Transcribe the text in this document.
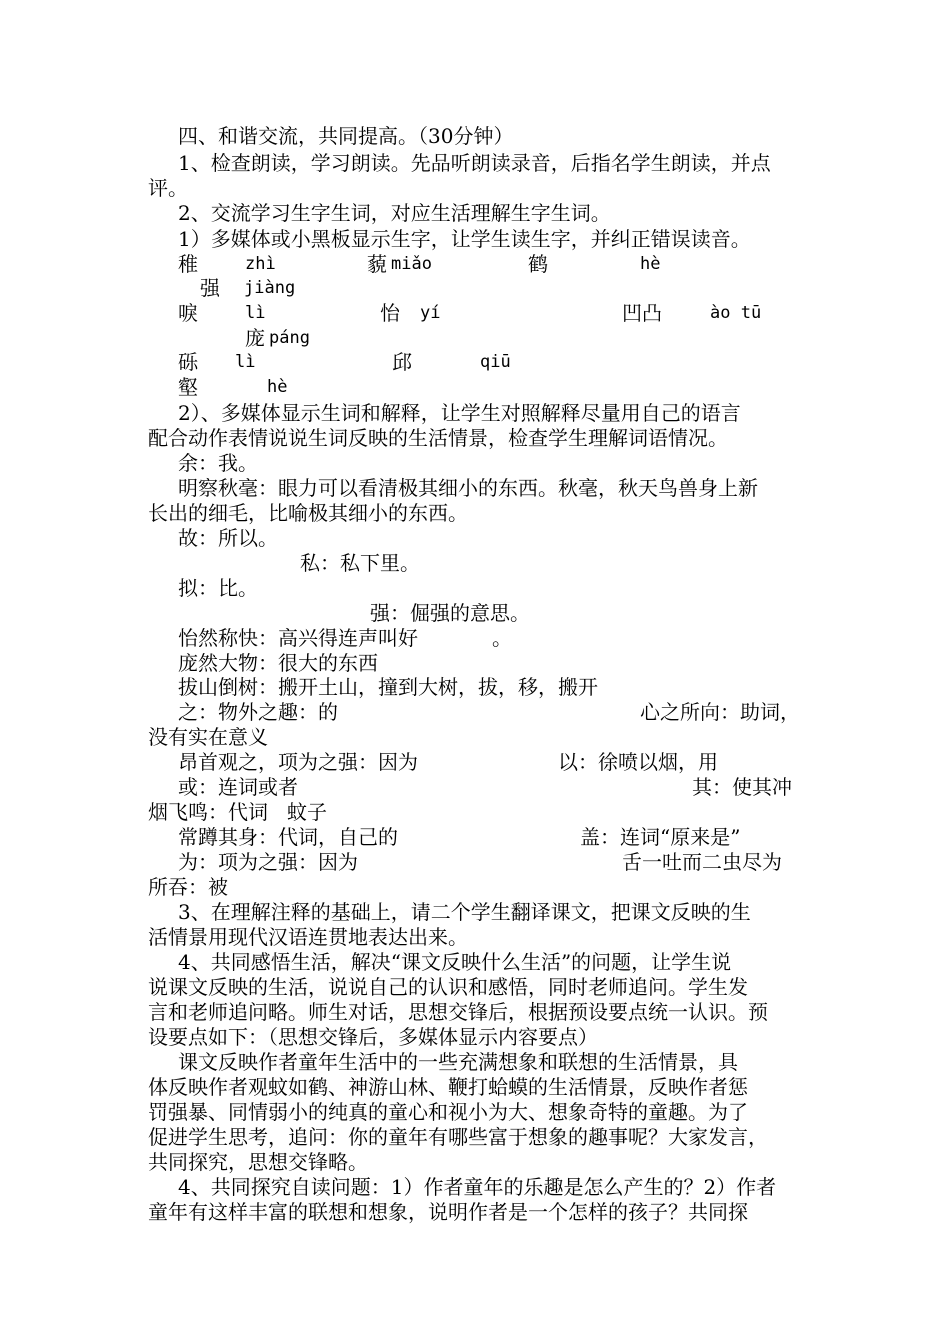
四、和谐交流，共同提高。（30分钟）
1、检查朗读，学习朗读。先品听朗读录音，后指名学生朗读，并点
评。
2、交流学习生字生词，对应生活理解生字生词。
1）多媒体或小黑板显示生字，让学生读生字，并纠正错误读音。
稚	zhì	藐 miǎo	鹤	hè
强 jiàng
唳	lì	怡 yí	凹凸	ào tū
庞 páng
砾 lì	邱	qiū
壑	hè
2）、多媒体显示生词和解释，让学生对照解释尽量用自己的语言
配合动作表情说说生词反映的生活情景，检查学生理解词语情况。
余：我。
明察秋毫：眼力可以看清极其细小的东西。秋毫，秋天鸟兽身上新
长出的细毛，比喻极其细小的东西。
故：所以。
私：私下里。
拟：比。
强：倔强的意思。
怡然称快：高兴得连声叫好	。
庞然大物：很大的东西
拔山倒树：搬开土山，撞到大树，拔，移，搬开
之：物外之趣：的	心之所向：助词，
没有实在意义
昂首观之，项为之强：因为	以：徐喷以烟，用
或：连词或者	其：使其冲
烟飞鸣：代词 蚊子
常蹲其身：代词，自己的	盖：连词“原来是”
为：项为之强：因为	舌一吐而二虫尽为
所吞：被
3、在理解注释的基础上，请二个学生翻译课文，把课文反映的生
活情景用现代汉语连贯地表达出来。
4、共同感悟生活，解决“课文反映什么生活”的问题，让学生说
说课文反映的生活，说说自己的认识和感悟，同时老师追问。学生发
言和老师追问略。师生对话，思想交锋后，根据预设要点统一认识。预
设要点如下：（思想交锋后，多媒体显示内容要点）
课文反映作者童年生活中的一些充满想象和联想的生活情景，具
体反映作者观蚊如鹤、神游山林、鞭打蛤蟆的生活情景，反映作者惩
罚强暴、同情弱小的纯真的童心和视小为大、想象奇特的童趣。为了
促进学生思考，追问：你的童年有哪些富于想象的趣事呢？大家发言，
共同探究，思想交锋略。
4、共同探究自读问题：1）作者童年的乐趣是怎么产生的？2）作者
童年有这样丰富的联想和想象，说明作者是一个怎样的孩子？共同探
